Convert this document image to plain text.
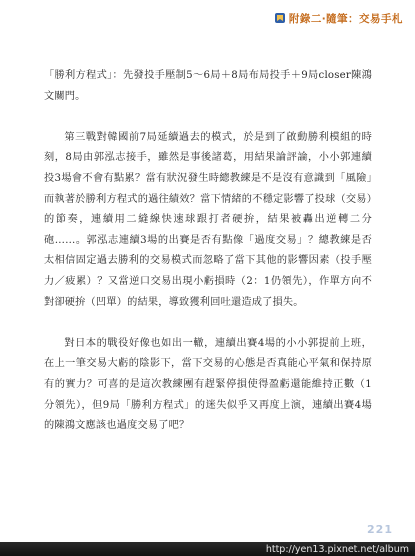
附錄二‧隨筆：交易手札

「勝利方程式」：先發投手壓制5～6局＋8局布局投手＋9局closer陳鴻文關門。

第三戰對韓國前7局延續過去的模式，於是到了啟動勝利模組的時刻，8局由郭泓志接手，雖然是事後諸葛，用結果論評論，小小郭連續投3場會不會有點累？當有狀況發生時總教練是不是沒有意識到「風險」而執著於勝利方程式的過往績效？當下情緒的不穩定影響了投球（交易）的節奏，連續用二縫線快速球跟打者硬拚，結果被轟出逆轉二分砲……。郭泓志連續3場的出賽是否有點像「過度交易」？總教練是否太相信固定過去勝利的交易模式而忽略了當下其他的影響因素（投手壓力／疲累）？又當逆口交易出現小虧損時（2：1仍領先），作單方向不對卻硬拚（凹單）的結果，導致獲利回吐還造成了損失。

對日本的戰役好像也如出一轍，連續出賽4場的小小郭提前上班，在上一筆交易大虧的陰影下，當下交易的心態是否真能心平氣和保持原有的實力？可喜的是這次教練團有趕緊停損使得盈虧還能維持正數（1分領先），但9局「勝利方程式」的迷失似乎又再度上演，連續出賽4場的陳鴻文應該也過度交易了吧？

221
http://yen13.pixnet.net/album
